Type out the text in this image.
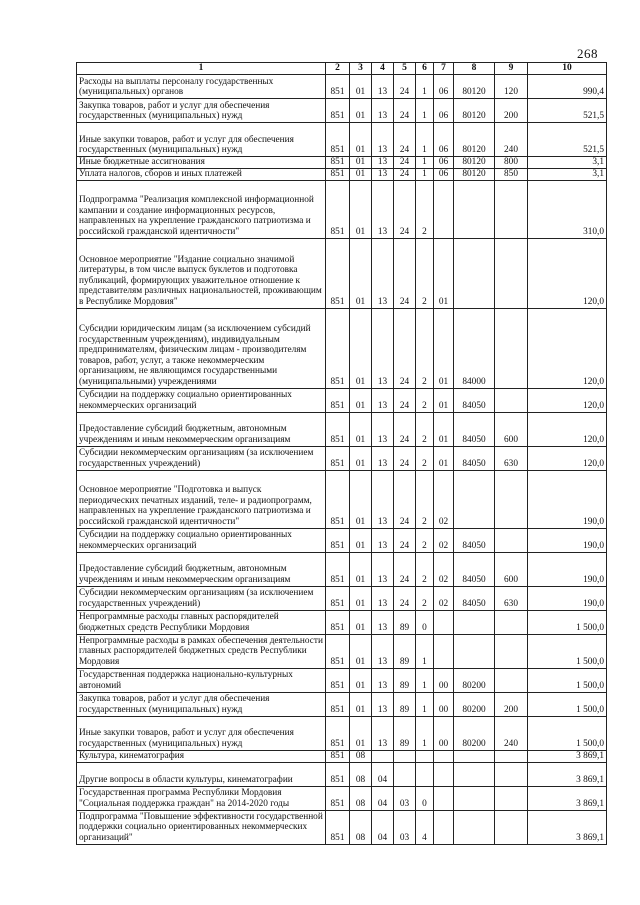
268
1	2	3	4	5	6	7	8	9	10
Расходы на выплаты персоналу государственных (муниципальных) органов	851	01	13	24	1	06	80120	120	990,4
Закупка товаров, работ и услуг для обеспечения государственных (муниципальных) нужд	851	01	13	24	1	06	80120	200	521,5
Иные закупки товаров, работ и услуг для обеспечения государственных (муниципальных) нужд	851	01	13	24	1	06	80120	240	521,5
Иные бюджетные ассигнования	851	01	13	24	1	06	80120	800	3,1
Уплата налогов, сборов и иных платежей	851	01	13	24	1	06	80120	850	3,1
Подпрограмма "Реализация комплексной информационной кампании и создание информационных ресурсов, направленных на укрепление гражданского патриотизма и российской гражданской идентичности"	851	01	13	24	2				310,0
Основное мероприятие "Издание социально значимой литературы, в том числе выпуск буклетов и подготовка публикаций, формирующих уважительное отношение к представителям различных национальностей, проживающим в Республике Мордовия"	851	01	13	24	2	01			120,0
Субсидии юридическим лицам (за исключением субсидий государственным учреждениям), индивидуальным предпринимателям, физическим лицам - производителям товаров, работ, услуг, а также некоммерческим организациям, не являющимся государственными (муниципальными) учреждениями	851	01	13	24	2	01	84000		120,0
Субсидии на поддержку социально ориентированных некоммерческих организаций	851	01	13	24	2	01	84050		120,0
Предоставление субсидий бюджетным, автономным учреждениям и иным некоммерческим организациям	851	01	13	24	2	01	84050	600	120,0
Субсидии некоммерческим организациям (за исключением государственных учреждений)	851	01	13	24	2	01	84050	630	120,0
Основное мероприятие "Подготовка и выпуск периодических печатных изданий, теле- и радиопрограмм, направленных на укрепление гражданского патриотизма и российской гражданской идентичности"	851	01	13	24	2	02			190,0
Субсидии на поддержку социально ориентированных некоммерческих организаций	851	01	13	24	2	02	84050		190,0
Предоставление субсидий бюджетным, автономным учреждениям и иным некоммерческим организациям	851	01	13	24	2	02	84050	600	190,0
Субсидии некоммерческим организациям (за исключением государственных учреждений)	851	01	13	24	2	02	84050	630	190,0
Непрограммные расходы главных распорядителей бюджетных средств Республики Мордовия	851	01	13	89	0				1 500,0
Непрограммные расходы в рамках обеспечения деятельности главных распорядителей бюджетных средств Республики Мордовия	851	01	13	89	1				1 500,0
Государственная поддержка национально-культурных автономий	851	01	13	89	1	00	80200		1 500,0
Закупка товаров, работ и услуг для обеспечения государственных (муниципальных) нужд	851	01	13	89	1	00	80200	200	1 500,0
Иные закупки товаров, работ и услуг для обеспечения государственных (муниципальных) нужд	851	01	13	89	1	00	80200	240	1 500,0
Культура, кинематография	851	08							3 869,1
Другие вопросы в области культуры, кинематографии	851	08	04						3 869,1
Государственная программа Республики Мордовия "Социальная поддержка граждан" на 2014-2020 годы	851	08	04	03	0				3 869,1
Подпрограмма "Повышение эффективности государственной поддержки социально ориентированных некоммерческих организаций"	851	08	04	03	4				3 869,1
